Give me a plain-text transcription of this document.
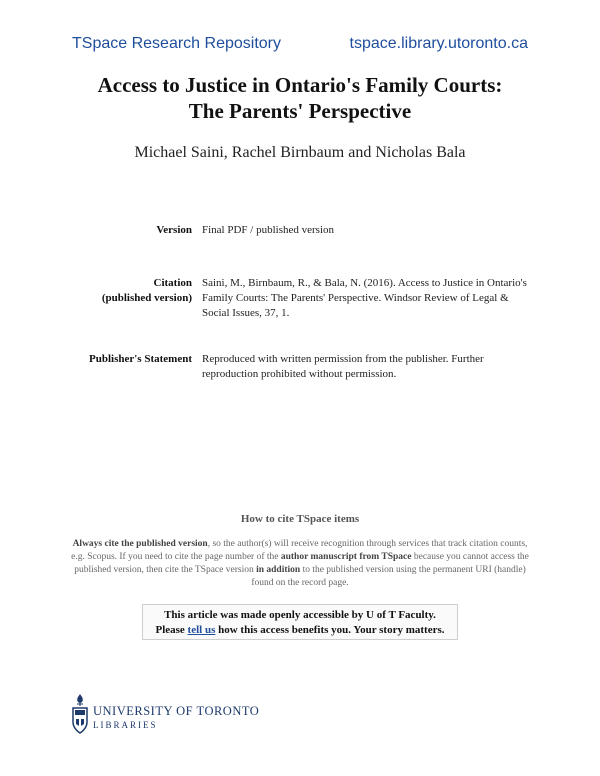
TSpace Research Repository	tspace.library.utoronto.ca
Access to Justice in Ontario's Family Courts:
The Parents' Perspective
Michael Saini, Rachel Birnbaum and Nicholas Bala
Version Final PDF / published version
Citation
(published version)
Saini, M., Birnbaum, R., & Bala, N. (2016). Access to Justice in Ontario's Family Courts: The Parents' Perspective. Windsor Review of Legal & Social Issues, 37, 1.
Publisher's Statement Reproduced with written permission from the publisher. Further reproduction prohibited without permission.
How to cite TSpace items
Always cite the published version, so the author(s) will receive recognition through services that track citation counts, e.g. Scopus. If you need to cite the page number of the author manuscript from TSpace because you cannot access the published version, then cite the TSpace version in addition to the published version using the permanent URI (handle) found on the record page.
This article was made openly accessible by U of T Faculty.
Please tell us how this access benefits you. Your story matters.
UNIVERSITY OF TORONTO
LIBRARIES
